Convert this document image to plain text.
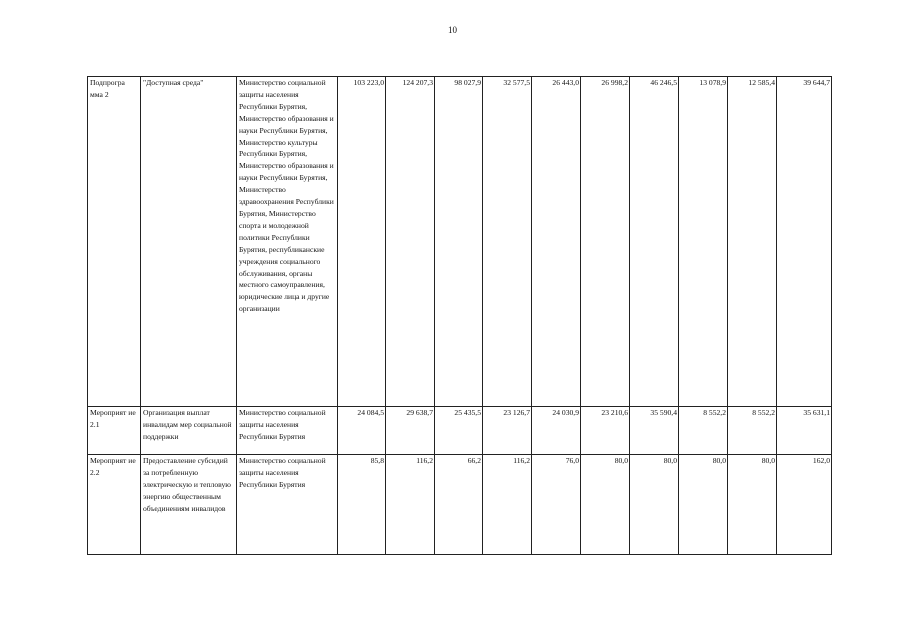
10
Подпрогра мма 2	"Доступная среда"	Министерство социальной защиты населения Республики Бурятия, Министерство образования и науки Республики Бурятия, Министерство культуры Республики Бурятия, Министерство образования и науки Республики Бурятия, Министерство здравоохранения Республики Бурятия, Министерство спорта и молодежной политики Республики Бурятия, республиканские учреждения социального обслуживания, органы местного самоуправления, юридические лица и другие организации	103 223,0	124 207,3	98 027,9	32 577,5	26 443,0	26 998,2	46 246,5	13 078,9	12 585,4	39 644,7
Мероприят ие 2.1	Организация выплат инвалидам мер социальной поддержки	Министерство социальной защиты населения Республики Бурятия	24 084,5	29 638,7	25 435,5	23 126,7	24 030,9	23 210,6	35 590,4	8 552,2	8 552,2	35 631,1
Мероприят ие 2.2	Предоставление субсидий за потребленную электрическую и тепловую энергию общественным объединениям инвалидов	Министерство социальной защиты населения Республики Бурятия	85,8	116,2	66,2	116,2	76,0	80,0	80,0	80,0	80,0	162,0
